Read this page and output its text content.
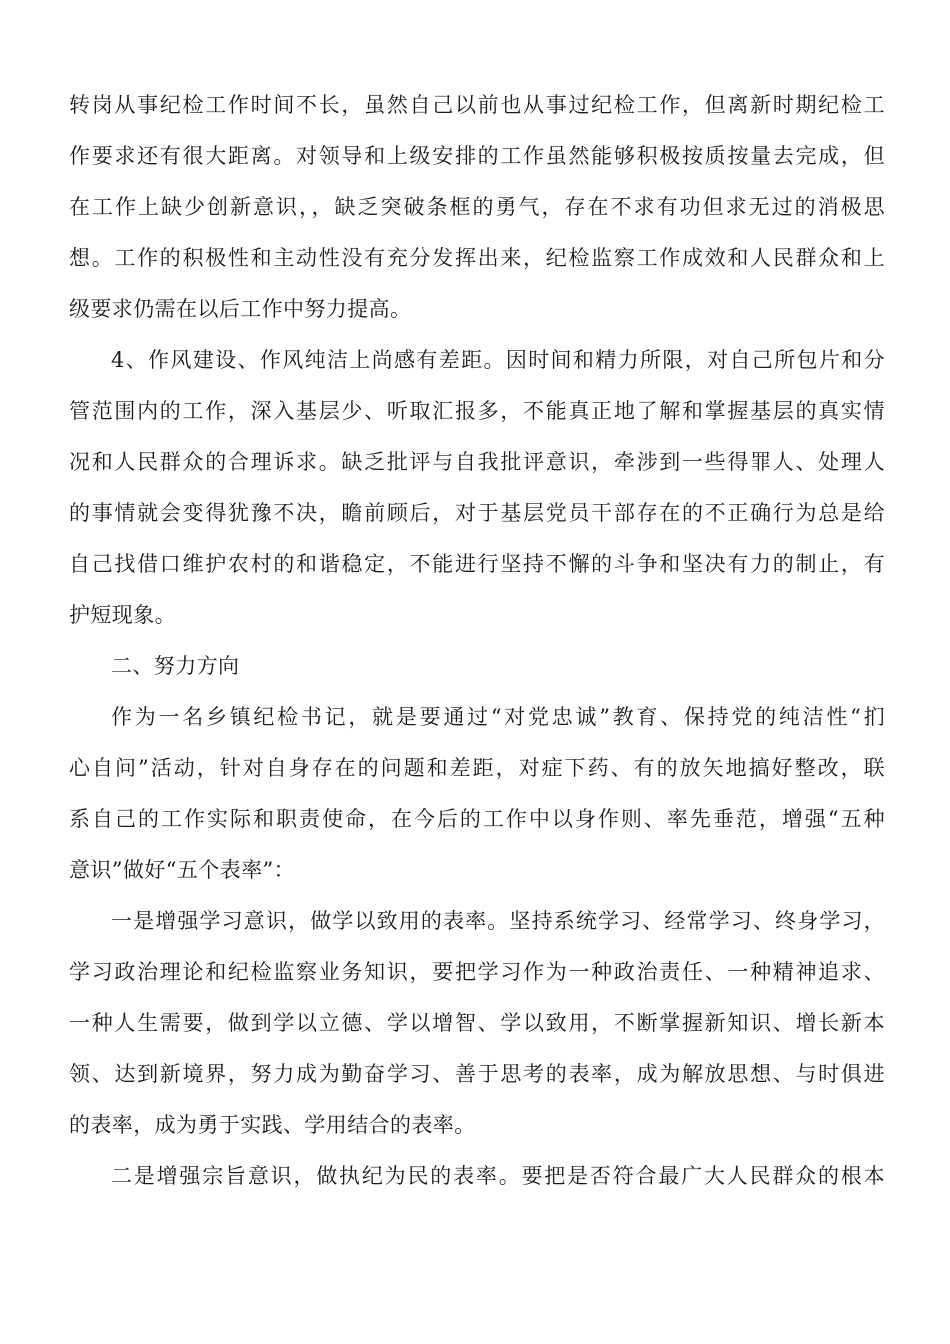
转岗从事纪检工作时间不长，虽然自己以前也从事过纪检工作，但离新时期纪检工
作要求还有很大距离。对领导和上级安排的工作虽然能够积极按质按量去完成，但
在工作上缺少创新意识，，缺乏突破条框的勇气，存在不求有功但求无过的消极思
想。工作的积极性和主动性没有充分发挥出来，纪检监察工作成效和人民群众和上
级要求仍需在以后工作中努力提高。
4、作风建设、作风纯洁上尚感有差距。因时间和精力所限，对自己所包片和分
管范围内的工作，深入基层少、听取汇报多，不能真正地了解和掌握基层的真实情
况和人民群众的合理诉求。缺乏批评与自我批评意识，牵涉到一些得罪人、处理人
的事情就会变得犹豫不决，瞻前顾后，对于基层党员干部存在的不正确行为总是给
自己找借口维护农村的和谐稳定，不能进行坚持不懈的斗争和坚决有力的制止，有
护短现象。
二、努力方向
作为一名乡镇纪检书记，就是要通过“对党忠诚”教育、保持党的纯洁性“扪
心自问”活动，针对自身存在的问题和差距，对症下药、有的放矢地搞好整改，联
系自己的工作实际和职责使命，在今后的工作中以身作则、率先垂范，增强“五种
意识”做好“五个表率”：
一是增强学习意识，做学以致用的表率。坚持系统学习、经常学习、终身学习，
学习政治理论和纪检监察业务知识，要把学习作为一种政治责任、一种精神追求、
一种人生需要，做到学以立德、学以增智、学以致用，不断掌握新知识、增长新本
领、达到新境界，努力成为勤奋学习、善于思考的表率，成为解放思想、与时俱进
的表率，成为勇于实践、学用结合的表率。
二是增强宗旨意识，做执纪为民的表率。要把是否符合最广大人民群众的根本
